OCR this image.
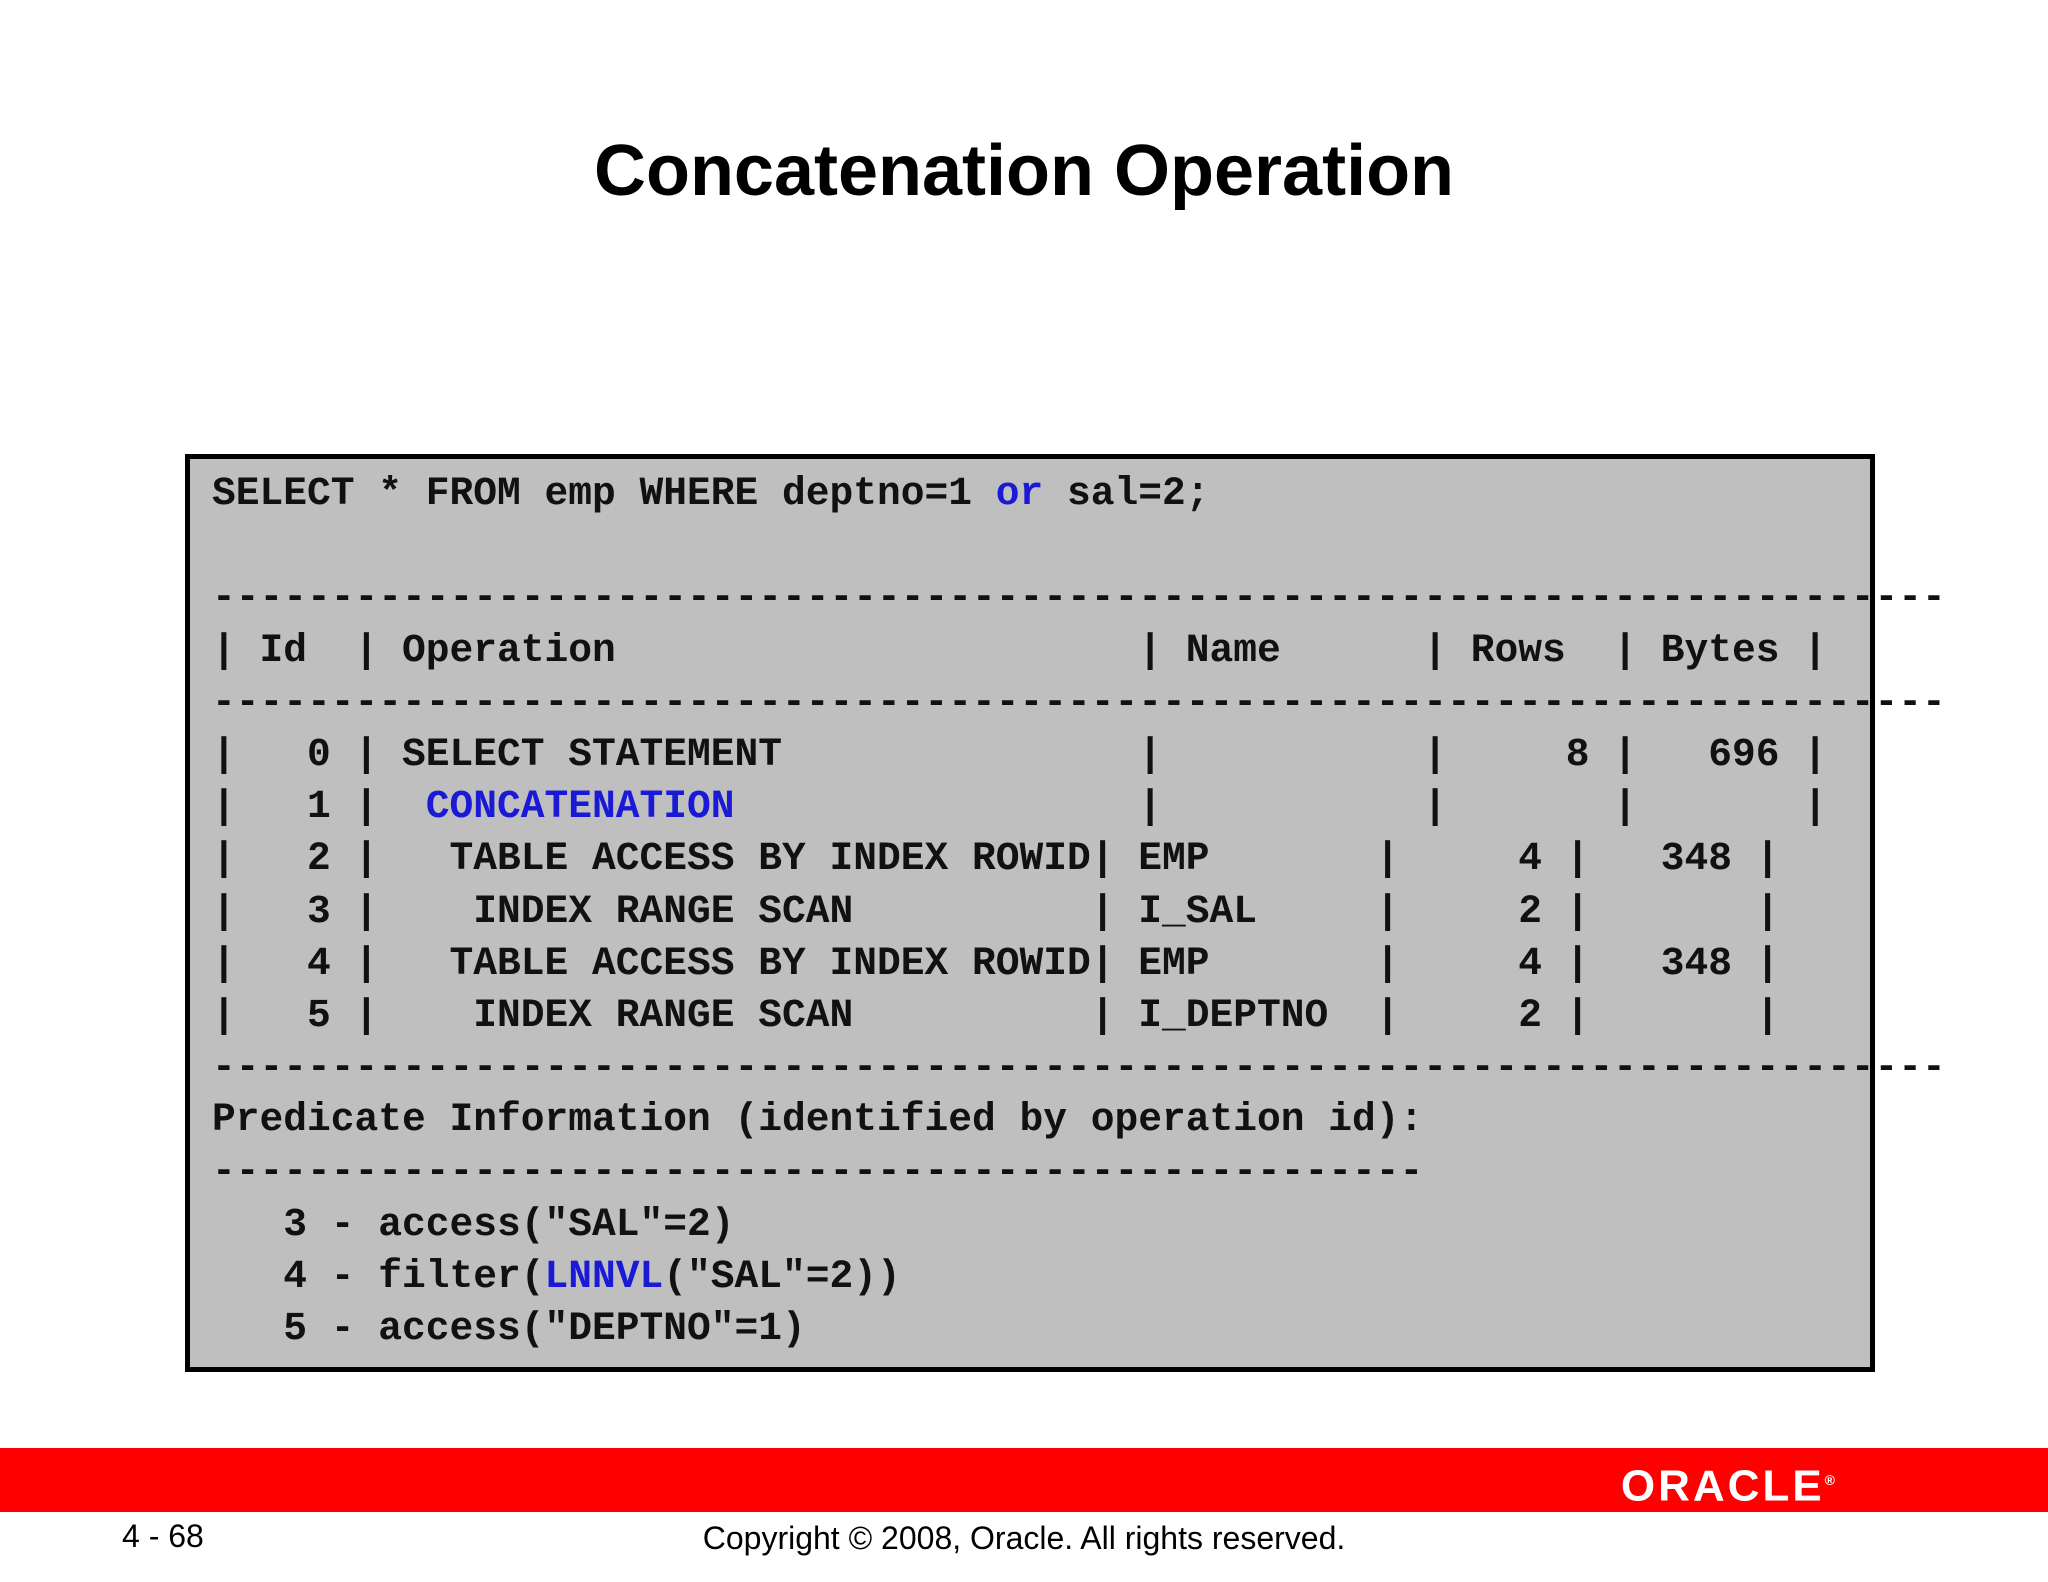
Concatenation Operation
SELECT * FROM emp WHERE deptno=1 or sal=2;
-------------------------------------------------------------------------
| Id  | Operation                      | Name      | Rows  | Bytes |
-------------------------------------------------------------------------
|   0 | SELECT STATEMENT               |           |     8 |   696 |
|   1 |  CONCATENATION                 |           |       |       |
|   2 |   TABLE ACCESS BY INDEX ROWID| EMP       |     4 |   348 |
|   3 |    INDEX RANGE SCAN          | I_SAL     |     2 |       |
|   4 |   TABLE ACCESS BY INDEX ROWID| EMP       |     4 |   348 |
|   5 |    INDEX RANGE SCAN          | I_DEPTNO  |     2 |       |
-------------------------------------------------------------------------
Predicate Information (identified by operation id):
---------------------------------------------------
3 - access("SAL"=2)
4 - filter(LNNVL("SAL"=2))
5 - access("DEPTNO"=1)
ORACLE®
4 - 68	Copyright © 2008, Oracle. All rights reserved.
